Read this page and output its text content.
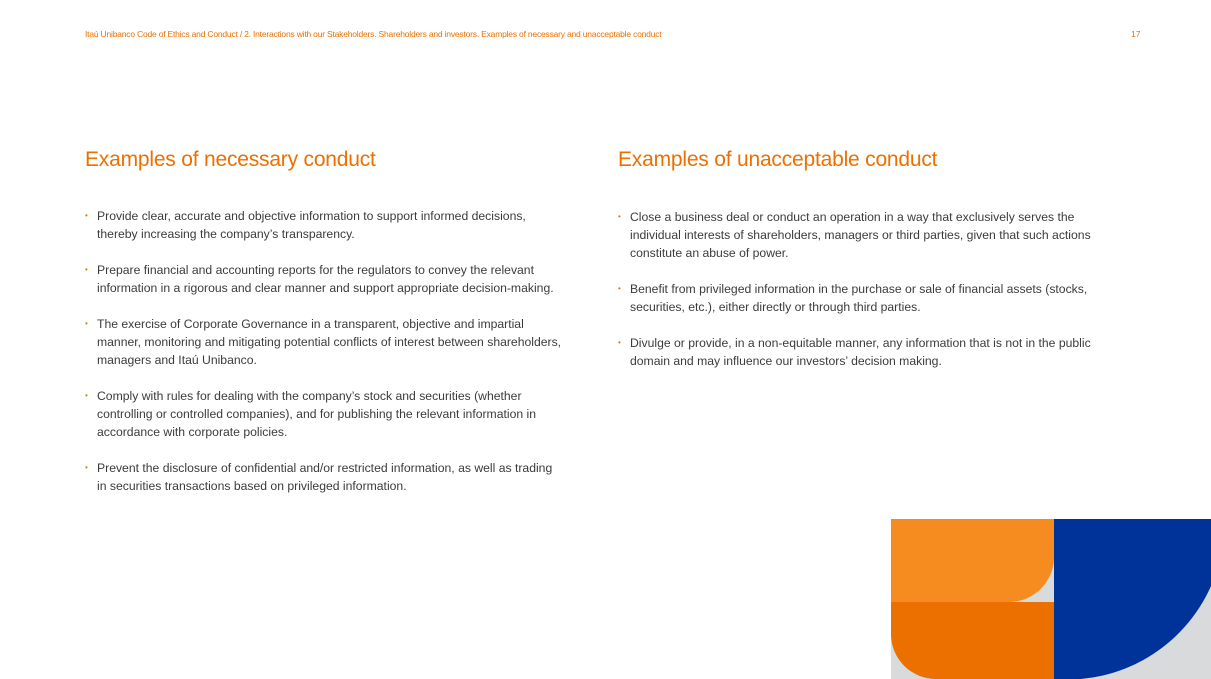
Itaú Unibanco Code of Ethics and Conduct / 2. Interactions with our Stakeholders. Shareholders and investors. Examples of necessary and unacceptable conduct	17
Examples of necessary conduct
• Provide clear, accurate and objective information to support informed decisions, thereby increasing the company’s transparency.
• Prepare financial and accounting reports for the regulators to convey the relevant information in a rigorous and clear manner and support appropriate decision-making.
• The exercise of Corporate Governance in a transparent, objective and impartial manner, monitoring and mitigating potential conflicts of interest between shareholders, managers and Itaú Unibanco.
• Comply with rules for dealing with the company’s stock and securities (whether controlling or controlled companies), and for publishing the relevant information in accordance with corporate policies.
• Prevent the disclosure of confidential and/or restricted information, as well as trading in securities transactions based on privileged information.
Examples of unacceptable conduct
• Close a business deal or conduct an operation in a way that exclusively serves the individual interests of shareholders, managers or third parties, given that such actions constitute an abuse of power.
• Benefit from privileged information in the purchase or sale of financial assets (stocks, securities, etc.), either directly or through third parties.
• Divulge or provide, in a non-equitable manner, any information that is not in the public domain and may influence our investors’ decision making.
